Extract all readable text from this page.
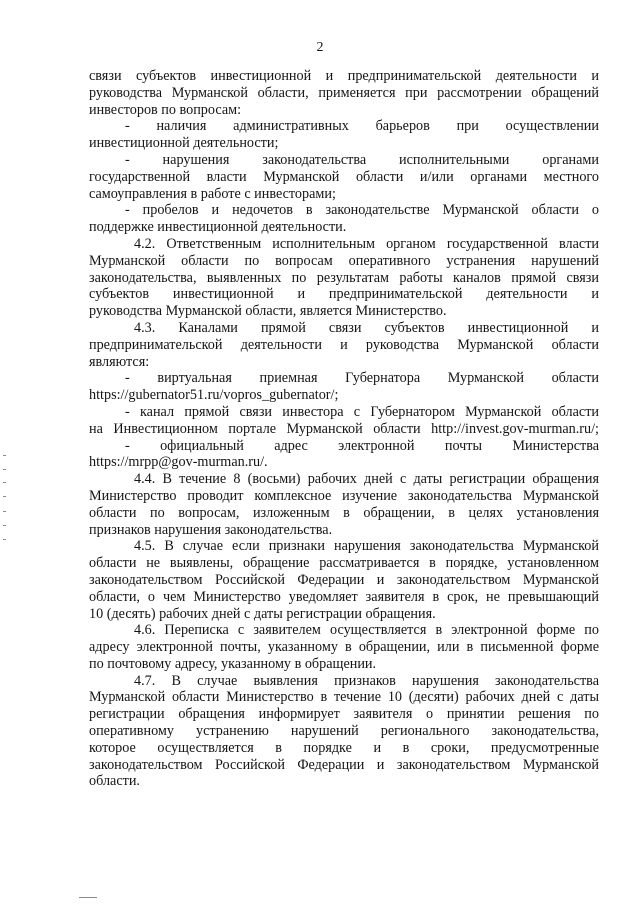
2
связи субъектов инвестиционной и предпринимательской деятельности и
руководства Мурманской области, применяется при рассмотрении обращений
инвесторов по вопросам:
- наличия административных барьеров при осуществлении
инвестиционной деятельности;
- нарушения законодательства исполнительными органами
государственной власти Мурманской области и/или органами местного
самоуправления в работе с инвесторами;
- пробелов и недочетов в законодательстве Мурманской области о
поддержке инвестиционной деятельности.
4.2. Ответственным исполнительным органом государственной власти
Мурманской области по вопросам оперативного устранения нарушений
законодательства, выявленных по результатам работы каналов прямой связи
субъектов инвестиционной и предпринимательской деятельности и
руководства Мурманской области, является Министерство.
4.3. Каналами прямой связи субъектов инвестиционной и
предпринимательской деятельности и руководства Мурманской области
являются:
- виртуальная приемная Губернатора Мурманской области
https://gubernator51.ru/vopros_gubernator/;
- канал прямой связи инвестора с Губернатором Мурманской области
на Инвестиционном портале Мурманской области http://invest.gov-murman.ru/;
- официальный адрес электронной почты Министерства
https://mrpp@gov-murman.ru/.
4.4. В течение 8 (восьми) рабочих дней с даты регистрации обращения
Министерство проводит комплексное изучение законодательства Мурманской
области по вопросам, изложенным в обращении, в целях установления
признаков нарушения законодательства.
4.5. В случае если признаки нарушения законодательства Мурманской
области не выявлены, обращение рассматривается в порядке, установленном
законодательством Российской Федерации и законодательством Мурманской
области, о чем Министерство уведомляет заявителя в срок, не превышающий
10 (десять) рабочих дней с даты регистрации обращения.
4.6. Переписка с заявителем осуществляется в электронной форме по
адресу электронной почты, указанному в обращении, или в письменной форме
по почтовому адресу, указанному в обращении.
4.7. В случае выявления признаков нарушения законодательства
Мурманской области Министерство в течение 10 (десяти) рабочих дней с даты
регистрации обращения информирует заявителя о принятии решения по
оперативному устранению нарушений регионального законодательства,
которое осуществляется в порядке и в сроки, предусмотренные
законодательством Российской Федерации и законодательством Мурманской
области.
